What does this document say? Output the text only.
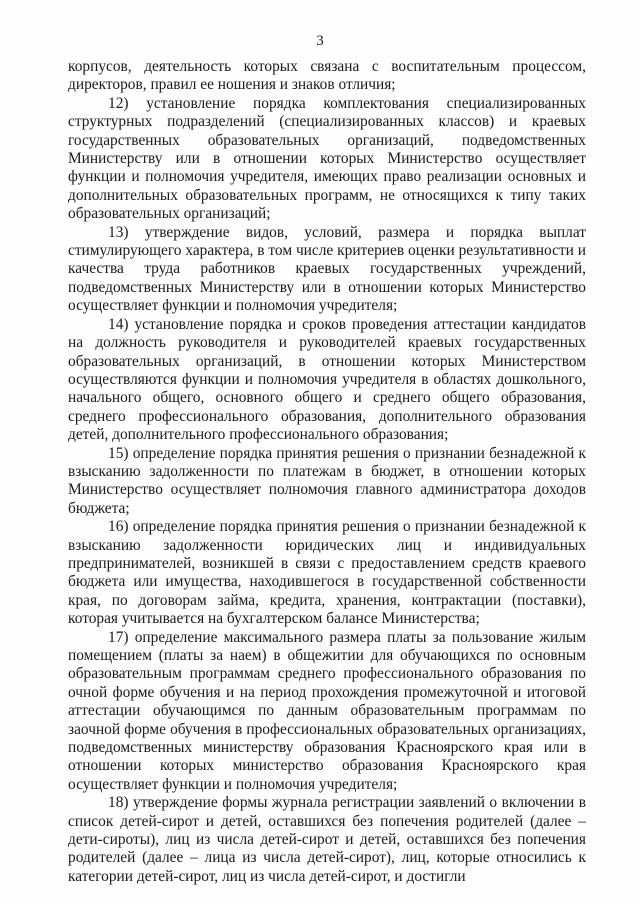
3

корпусов, деятельность которых связана с воспитательным процессом, директоров, правил ее ношения и знаков отличия;

12) установление порядка комплектования специализированных структурных подразделений (специализированных классов) и краевых государственных образовательных организаций, подведомственных Министерству или в отношении которых Министерство осуществляет функции и полномочия учредителя, имеющих право реализации основных и дополнительных образовательных программ, не относящихся к типу таких образовательных организаций;

13) утверждение видов, условий, размера и порядка выплат стимулирующего характера, в том числе критериев оценки результативности и качества труда работников краевых государственных учреждений, подведомственных Министерству или в отношении которых Министерство осуществляет функции и полномочия учредителя;

14) установление порядка и сроков проведения аттестации кандидатов на должность руководителя и руководителей краевых государственных образовательных организаций, в отношении которых Министерством осуществляются функции и полномочия учредителя в областях дошкольного, начального общего, основного общего и среднего общего образования, среднего профессионального образования, дополнительного образования детей, дополнительного профессионального образования;

15) определение порядка принятия решения о признании безнадежной к взысканию задолженности по платежам в бюджет, в отношении которых Министерство осуществляет полномочия главного администратора доходов бюджета;

16) определение порядка принятия решения о признании безнадежной к взысканию задолженности юридических лиц и индивидуальных предпринимателей, возникшей в связи с предоставлением средств краевого бюджета или имущества, находившегося в государственной собственности края, по договорам займа, кредита, хранения, контрактации (поставки), которая учитывается на бухгалтерском балансе Министерства;

17) определение максимального размера платы за пользование жилым помещением (платы за наем) в общежитии для обучающихся по основным образовательным программам среднего профессионального образования по очной форме обучения и на период прохождения промежуточной и итоговой аттестации обучающимся по данным образовательным программам по заочной форме обучения в профессиональных образовательных организациях, подведомственных министерству образования Красноярского края или в отношении которых министерство образования Красноярского края осуществляет функции и полномочия учредителя;

18) утверждение формы журнала регистрации заявлений о включении в список детей-сирот и детей, оставшихся без попечения родителей (далее – дети-сироты), лиц из числа детей-сирот и детей, оставшихся без попечения родителей (далее – лица из числа детей-сирот), лиц, которые относились к категории детей-сирот, лиц из числа детей-сирот, и достигли
